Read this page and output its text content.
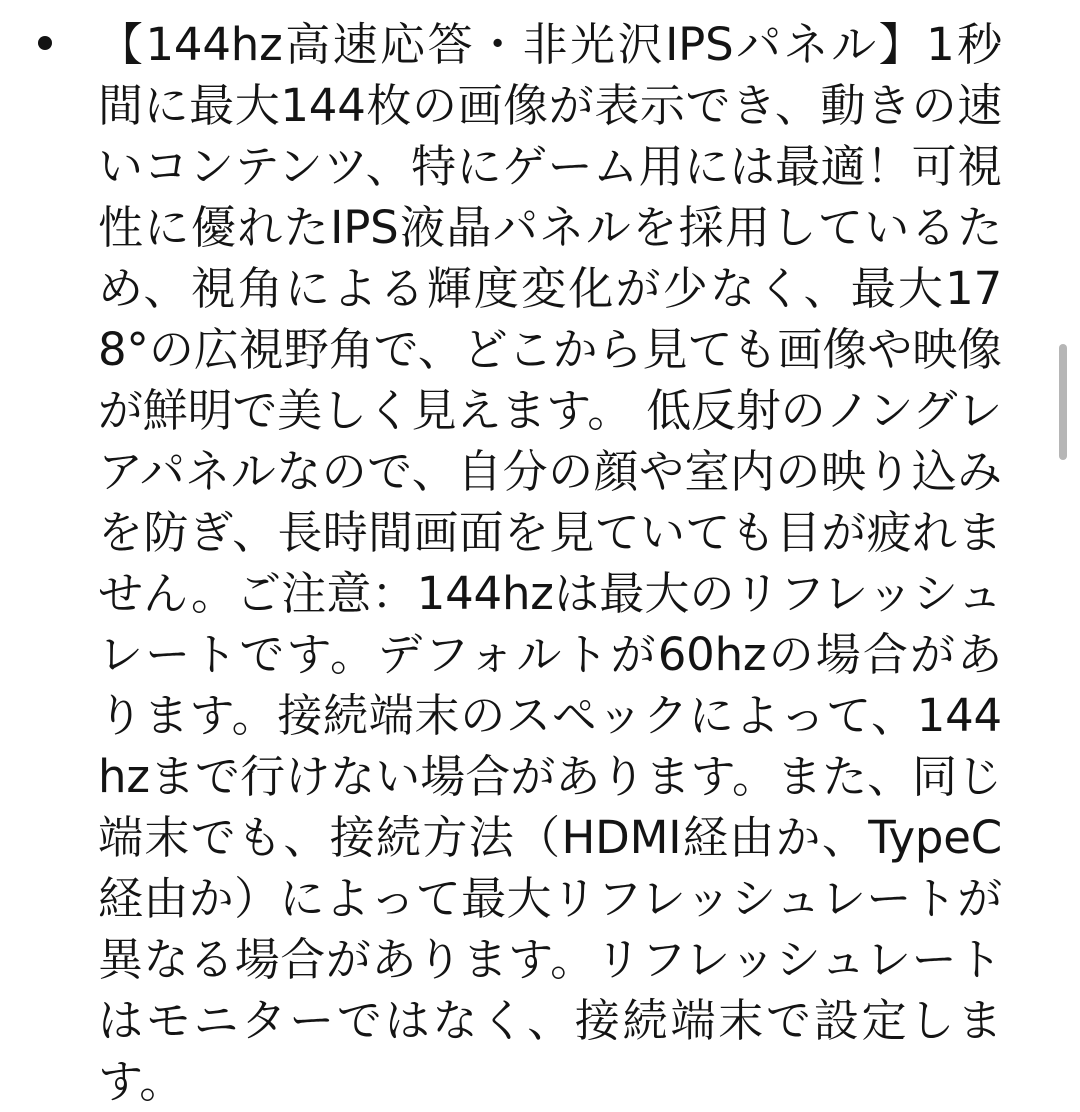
【144hz高速応答・非光沢IPSパネル】1秒間に最大144枚の画像が表示でき、動きの速いコンテンツ、特にゲーム用には最適！可視性に優れたIPS液晶パネルを採用しているため、視角による輝度変化が少なく、最大178°の広視野角で、どこから見ても画像や映像が鮮明で美しく見えます。 低反射のノングレアパネルなので、自分の顔や室内の映り込みを防ぎ、長時間画面を見ていても目が疲れません。ご注意：144hzは最大のリフレッシュレートです。デフォルトが60hzの場合があります。接続端末のスペックによって、144hzまで行けない場合があります。また、同じ端末でも、接続方法（HDMI経由か、TypeC経由か）によって最大リフレッシュレートが異なる場合があります。リフレッシュレートはモニターではなく、接続端末で設定します。
